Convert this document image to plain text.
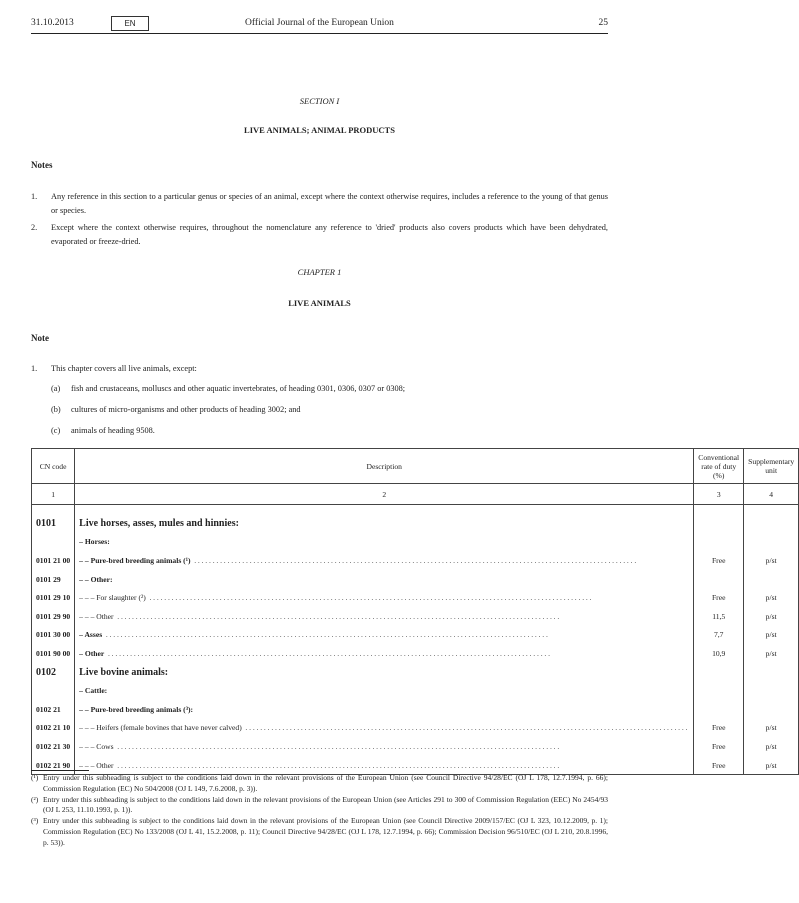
31.10.2013	EN	Official Journal of the European Union	25
SECTION I
LIVE ANIMALS; ANIMAL PRODUCTS
Notes
1. Any reference in this section to a particular genus or species of an animal, except where the context otherwise requires, includes a reference to the young of that genus or species.
2. Except where the context otherwise requires, throughout the nomenclature any reference to 'dried' products also covers products which have been dehydrated, evaporated or freeze-dried.
CHAPTER 1
LIVE ANIMALS
Note
1. This chapter covers all live animals, except:
(a) fish and crustaceans, molluscs and other aquatic invertebrates, of heading 0301, 0306, 0307 or 0308;
(b) cultures of micro-organisms and other products of heading 3002; and
(c) animals of heading 9508.
CN code	Description	Conventional rate of duty (%)	Supplementary unit
1	2	3	4

0101	Live horses, asses, mules and hinnies:		
	– Horses:		
0101 21 00	– – Pure-bred breeding animals (¹) ........................................................................................................................	Free	p/st
0101 29	– – Other:		
0101 29 10	– – – For slaughter (²) ........................................................................................................................	Free	p/st
0101 29 90	– – – Other ........................................................................................................................	11,5	p/st
0101 30 00	– Asses ........................................................................................................................	7,7	p/st
0101 90 00	– Other ........................................................................................................................	10,9	p/st
0102	Live bovine animals:		
	– Cattle:		
0102 21	– – Pure-bred breeding animals (³):		
0102 21 10	– – – Heifers (female bovines that have never calved) ........................................................................................................................	Free	p/st
0102 21 30	– – – Cows ........................................................................................................................	Free	p/st
0102 21 90	– – – Other ........................................................................................................................	Free	p/st
(¹) Entry under this subheading is subject to the conditions laid down in the relevant provisions of the European Union (see Council Directive 94/28/EC (OJ L 178, 12.7.1994, p. 66); Commission Regulation (EC) No 504/2008 (OJ L 149, 7.6.2008, p. 3)).
(²) Entry under this subheading is subject to the conditions laid down in the relevant provisions of the European Union (see Articles 291 to 300 of Commission Regulation (EEC) No 2454/93 (OJ L 253, 11.10.1993, p. 1)).
(³) Entry under this subheading is subject to the conditions laid down in the relevant provisions of the European Union (see Council Directive 2009/157/EC (OJ L 323, 10.12.2009, p. 1); Commission Regulation (EC) No 133/2008 (OJ L 41, 15.2.2008, p. 11); Council Directive 94/28/EC (OJ L 178, 12.7.1994, p. 66); Commission Decision 96/510/EC (OJ L 210, 20.8.1996, p. 53)).
